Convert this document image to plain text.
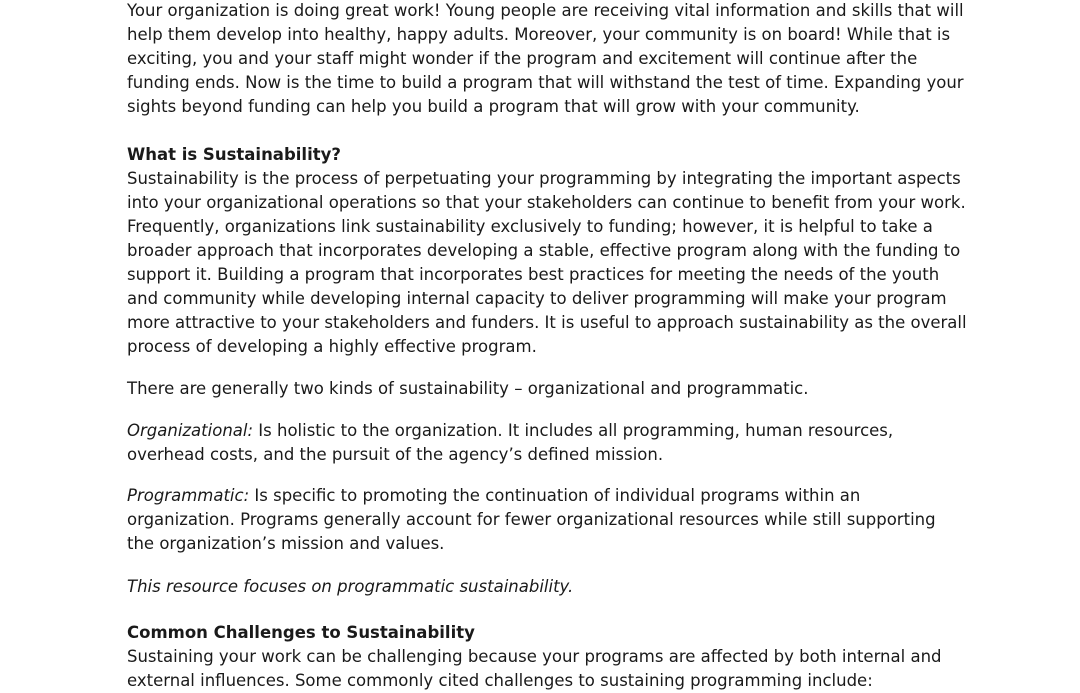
Your organization is doing great work! Young people are receiving vital information and skills that will help them develop into healthy, happy adults. Moreover, your community is on board! While that is exciting, you and your staff might wonder if the program and excitement will continue after the funding ends. Now is the time to build a program that will withstand the test of time. Expanding your sights beyond funding can help you build a program that will grow with your community.

What is Sustainability?

Sustainability is the process of perpetuating your programming by integrating the important aspects into your organizational operations so that your stakeholders can continue to benefit from your work. Frequently, organizations link sustainability exclusively to funding; however, it is helpful to take a broader approach that incorporates developing a stable, effective program along with the funding to support it. Building a program that incorporates best practices for meeting the needs of the youth and community while developing internal capacity to deliver programming will make your program more attractive to your stakeholders and funders. It is useful to approach sustainability as the overall process of developing a highly effective program.

There are generally two kinds of sustainability – organizational and programmatic.

Organizational: Is holistic to the organization. It includes all programming, human resources, overhead costs, and the pursuit of the agency’s defined mission.

Programmatic: Is specific to promoting the continuation of individual programs within an organization. Programs generally account for fewer organizational resources while still supporting the organization’s mission and values.

This resource focuses on programmatic sustainability.

Common Challenges to Sustainability

Sustaining your work can be challenging because your programs are affected by both internal and external influences. Some commonly cited challenges to sustaining programming include:
